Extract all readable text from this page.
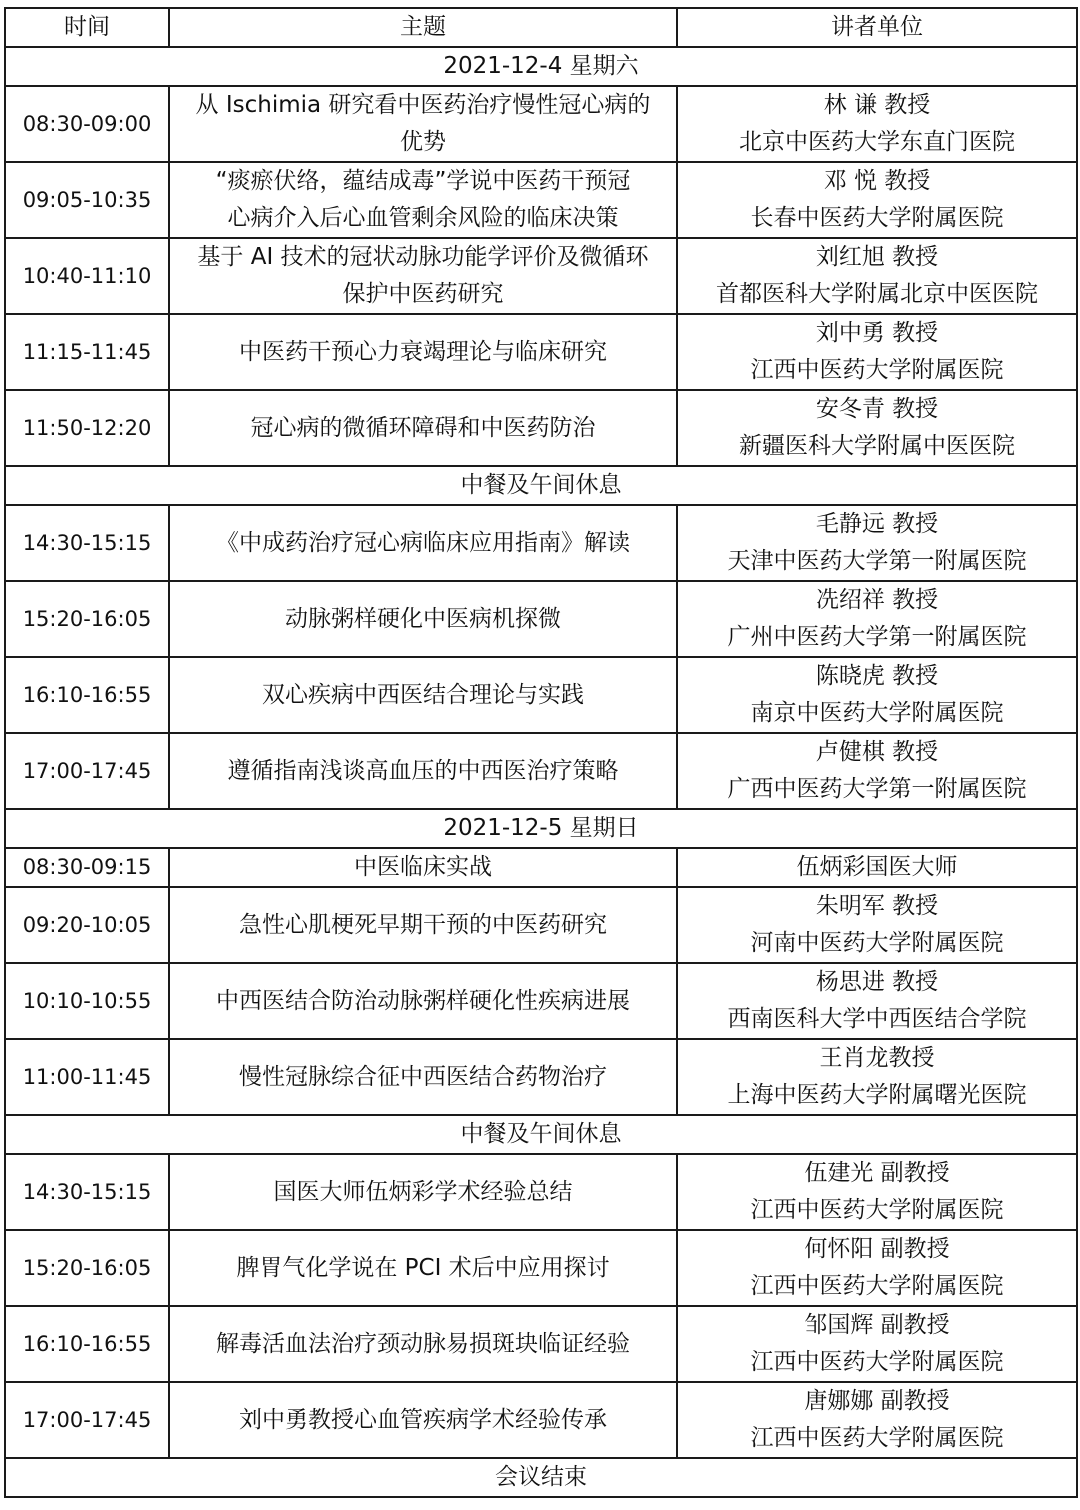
时间	主题	讲者单位
2021-12-4 星期六		
08:30-09:00	从 Ischimia 研究看中医药治疗慢性冠心病的
优势	林 谦 教授
北京中医药大学东直门医院

09:05-10:35	“痰瘀伏络，蕴结成毒”学说中医药干预冠
心病介入后心血管剩余风险的临床决策	邓 悦 教授
长春中医药大学附属医院

10:40-11:10	基于 AI 技术的冠状动脉功能学评价及微循环
保护中医药研究	刘红旭 教授
首都医科大学附属北京中医医院

11:15-11:45	中医药干预心力衰竭理论与临床研究	刘中勇 教授
江西中医药大学附属医院

11:50-12:20	冠心病的微循环障碍和中医药防治	安冬青 教授
新疆医科大学附属中医医院

中餐及午间休息		
14:30-15:15	《中成药治疗冠心病临床应用指南》解读	毛静远 教授
天津中医药大学第一附属医院

15:20-16:05	动脉粥样硬化中医病机探微	冼绍祥 教授
广州中医药大学第一附属医院

16:10-16:55	双心疾病中西医结合理论与实践	陈晓虎 教授
南京中医药大学附属医院

17:00-17:45	遵循指南浅谈高血压的中西医治疗策略	卢健棋 教授
广西中医药大学第一附属医院

2021-12-5 星期日		
08:30-09:15	中医临床实战	伍炳彩国医大师
09:20-10:05	急性心肌梗死早期干预的中医药研究	朱明军 教授
河南中医药大学附属医院

10:10-10:55	中西医结合防治动脉粥样硬化性疾病进展	杨思进 教授
西南医科大学中西医结合学院

11:00-11:45	慢性冠脉综合征中西医结合药物治疗	王肖龙教授
上海中医药大学附属曙光医院

中餐及午间休息		
14:30-15:15	国医大师伍炳彩学术经验总结	伍建光 副教授
江西中医药大学附属医院

15:20-16:05	脾胃气化学说在 PCI 术后中应用探讨	何怀阳 副教授
江西中医药大学附属医院

16:10-16:55	解毒活血法治疗颈动脉易损斑块临证经验	邹国辉 副教授
江西中医药大学附属医院

17:00-17:45	刘中勇教授心血管疾病学术经验传承	唐娜娜 副教授
江西中医药大学附属医院

会议结束		
